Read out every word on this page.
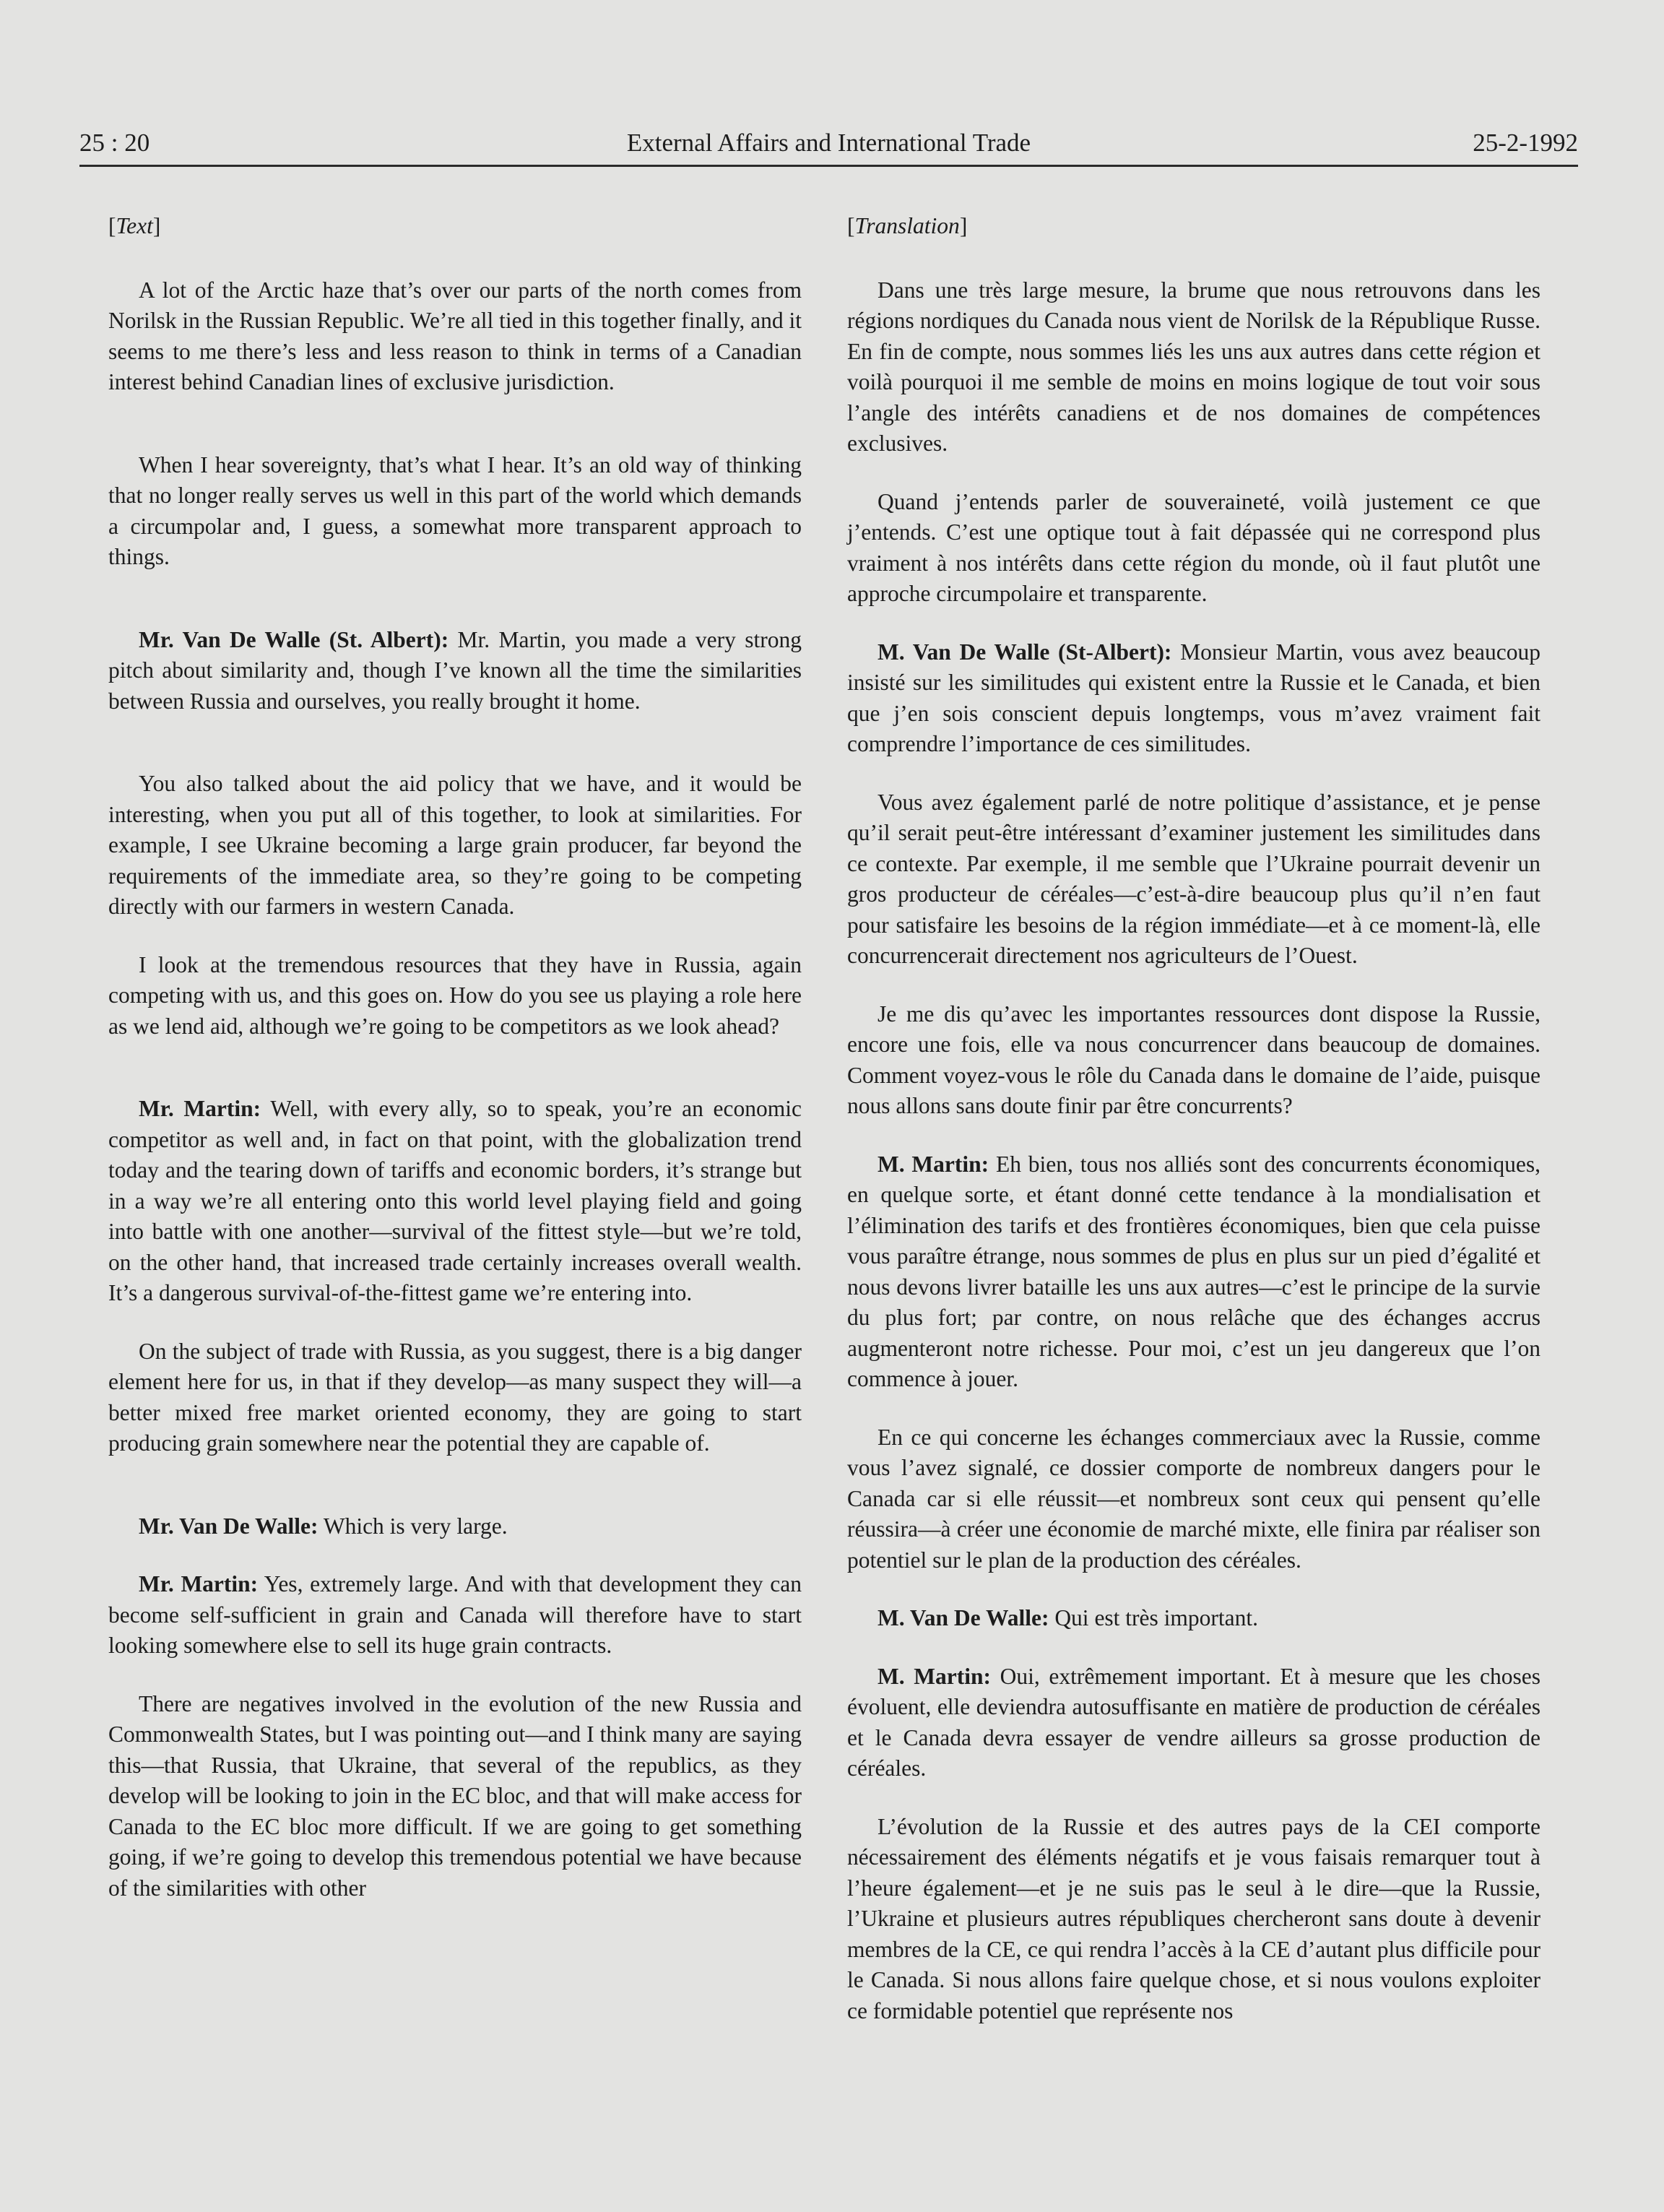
25 : 20	External Affairs and International Trade	25-2-1992
[Text]

A lot of the Arctic haze that’s over our parts of the north comes from Norilsk in the Russian Republic. We’re all tied in this together finally, and it seems to me there’s less and less reason to think in terms of a Canadian interest behind Canadian lines of exclusive jurisdiction.

When I hear sovereignty, that’s what I hear. It’s an old way of thinking that no longer really serves us well in this part of the world which demands a circumpolar and, I guess, a somewhat more transparent approach to things.

Mr. Van De Walle (St. Albert): Mr. Martin, you made a very strong pitch about similarity and, though I’ve known all the time the similarities between Russia and ourselves, you really brought it home.

You also talked about the aid policy that we have, and it would be interesting, when you put all of this together, to look at similarities. For example, I see Ukraine becoming a large grain producer, far beyond the requirements of the immediate area, so they’re going to be competing directly with our farmers in western Canada.

I look at the tremendous resources that they have in Russia, again competing with us, and this goes on. How do you see us playing a role here as we lend aid, although we’re going to be competitors as we look ahead?

Mr. Martin: Well, with every ally, so to speak, you’re an economic competitor as well and, in fact on that point, with the globalization trend today and the tearing down of tariffs and economic borders, it’s strange but in a way we’re all entering onto this world level playing field and going into battle with one another—survival of the fittest style—but we’re told, on the other hand, that increased trade certainly increases overall wealth. It’s a dangerous survival-of-the-fittest game we’re entering into.

On the subject of trade with Russia, as you suggest, there is a big danger element here for us, in that if they develop—as many suspect they will—a better mixed free market oriented economy, they are going to start producing grain somewhere near the potential they are capable of.

Mr. Van De Walle: Which is very large.

Mr. Martin: Yes, extremely large. And with that development they can become self-sufficient in grain and Canada will therefore have to start looking somewhere else to sell its huge grain contracts.

There are negatives involved in the evolution of the new Russia and Commonwealth States, but I was pointing out—and I think many are saying this—that Russia, that Ukraine, that several of the republics, as they develop will be looking to join in the EC bloc, and that will make access for Canada to the EC bloc more difficult. If we are going to get something going, if we’re going to develop this tremendous potential we have because of the similarities with other

[Translation]

Dans une très large mesure, la brume que nous retrouvons dans les régions nordiques du Canada nous vient de Norilsk de la République Russe. En fin de compte, nous sommes liés les uns aux autres dans cette région et voilà pourquoi il me semble de moins en moins logique de tout voir sous l’angle des intérêts canadiens et de nos domaines de compétences exclusives.

Quand j’entends parler de souveraineté, voilà justement ce que j’entends. C’est une optique tout à fait dépassée qui ne correspond plus vraiment à nos intérêts dans cette région du monde, où il faut plutôt une approche circumpolaire et transparente.

M. Van De Walle (St-Albert): Monsieur Martin, vous avez beaucoup insisté sur les similitudes qui existent entre la Russie et le Canada, et bien que j’en sois conscient depuis longtemps, vous m’avez vraiment fait comprendre l’importance de ces similitudes.

Vous avez également parlé de notre politique d’assistance, et je pense qu’il serait peut-être intéressant d’examiner justement les similitudes dans ce contexte. Par exemple, il me semble que l’Ukraine pourrait devenir un gros producteur de céréales—c’est-à-dire beaucoup plus qu’il n’en faut pour satisfaire les besoins de la région immédiate—et à ce moment-là, elle concurrencerait directement nos agriculteurs de l’Ouest.

Je me dis qu’avec les importantes ressources dont dispose la Russie, encore une fois, elle va nous concurrencer dans beaucoup de domaines. Comment voyez-vous le rôle du Canada dans le domaine de l’aide, puisque nous allons sans doute finir par être concurrents?

M. Martin: Eh bien, tous nos alliés sont des concurrents économiques, en quelque sorte, et étant donné cette tendance à la mondialisation et l’élimination des tarifs et des frontières économiques, bien que cela puisse vous paraître étrange, nous sommes de plus en plus sur un pied d’égalité et nous devons livrer bataille les uns aux autres—c’est le principe de la survie du plus fort; par contre, on nous relâche que des échanges accrus augmenteront notre richesse. Pour moi, c’est un jeu dangereux que l’on commence à jouer.

En ce qui concerne les échanges commerciaux avec la Russie, comme vous l’avez signalé, ce dossier comporte de nombreux dangers pour le Canada car si elle réussit—et nombreux sont ceux qui pensent qu’elle réussira—à créer une économie de marché mixte, elle finira par réaliser son potentiel sur le plan de la production des céréales.

M. Van De Walle: Qui est très important.

M. Martin: Oui, extrêmement important. Et à mesure que les choses évoluent, elle deviendra autosuffisante en matière de production de céréales et le Canada devra essayer de vendre ailleurs sa grosse production de céréales.

L’évolution de la Russie et des autres pays de la CEI comporte nécessairement des éléments négatifs et je vous faisais remarquer tout à l’heure également—et je ne suis pas le seul à le dire—que la Russie, l’Ukraine et plusieurs autres républiques chercheront sans doute à devenir membres de la CE, ce qui rendra l’accès à la CE d’autant plus difficile pour le Canada. Si nous allons faire quelque chose, et si nous voulons exploiter ce formidable potentiel que représente nos
